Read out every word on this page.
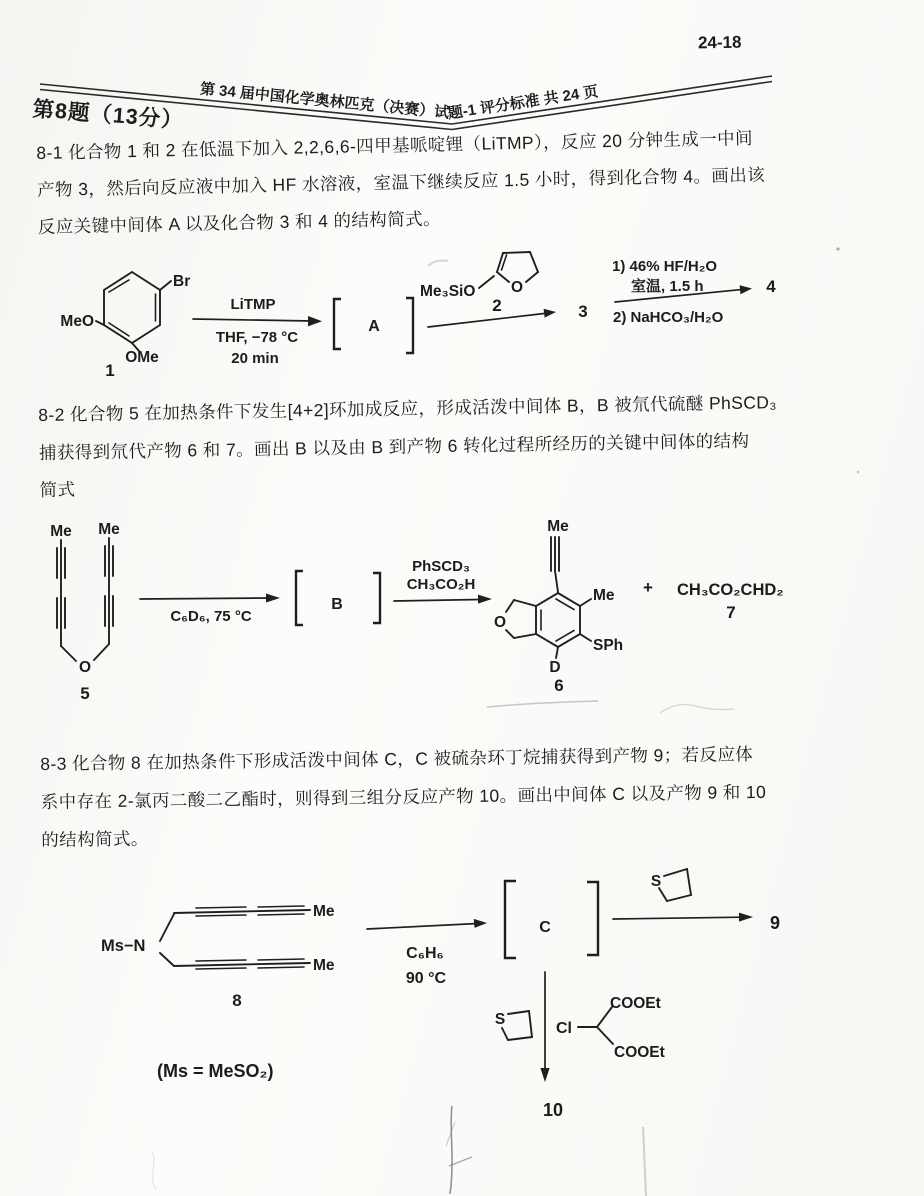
24-18
第 34 届中国化学奥林匹克（决赛）试题-1 评分标准 共 24 页
第8题（13分）
8-1 化合物 1 和 2 在低温下加入 2,2,6,6-四甲基哌啶锂（LiTMP），反应 20 分钟生成一中间
产物 3，然后向反应液中加入 HF 水溶液，室温下继续反应 1.5 小时，得到化合物 4。画出该
反应关键中间体 A 以及化合物 3 和 4 的结构简式。
Br
MeO
OMe
1
LiTMP
THF, −78 °C
20 min
A
Me₃SiO O
2	3
1) 46% HF/H₂O
室温, 1.5 h
2) NaHCO₃/H₂O
4
8-2 化合物 5 在加热条件下发生[4+2]环加成反应，形成活泼中间体 B，B 被氘代硫醚 PhSCD₃
捕获得到氘代产物 6 和 7。画出 B 以及由 B 到产物 6 转化过程所经历的关键中间体的结构
简式
Me Me
O
5
C₆D₆, 75 °C
B
PhSCD₃
CH₃CO₂H
Me
O
Me
SPh
D
6
+ CH₃CO₂CHD₂
7
8-3 化合物 8 在加热条件下形成活泼中间体 C，C 被硫杂环丁烷捕获得到产物 9；若反应体
系中存在 2-氯丙二酸二乙酯时，则得到三组分反应产物 10。画出中间体 C 以及产物 9 和 10
的结构简式。
Ms−N
Me
Me
8
(Ms = MeSO₂)
C₆H₆
90 °C
C
S
9
S
Cl
COOEt
COOEt
10
